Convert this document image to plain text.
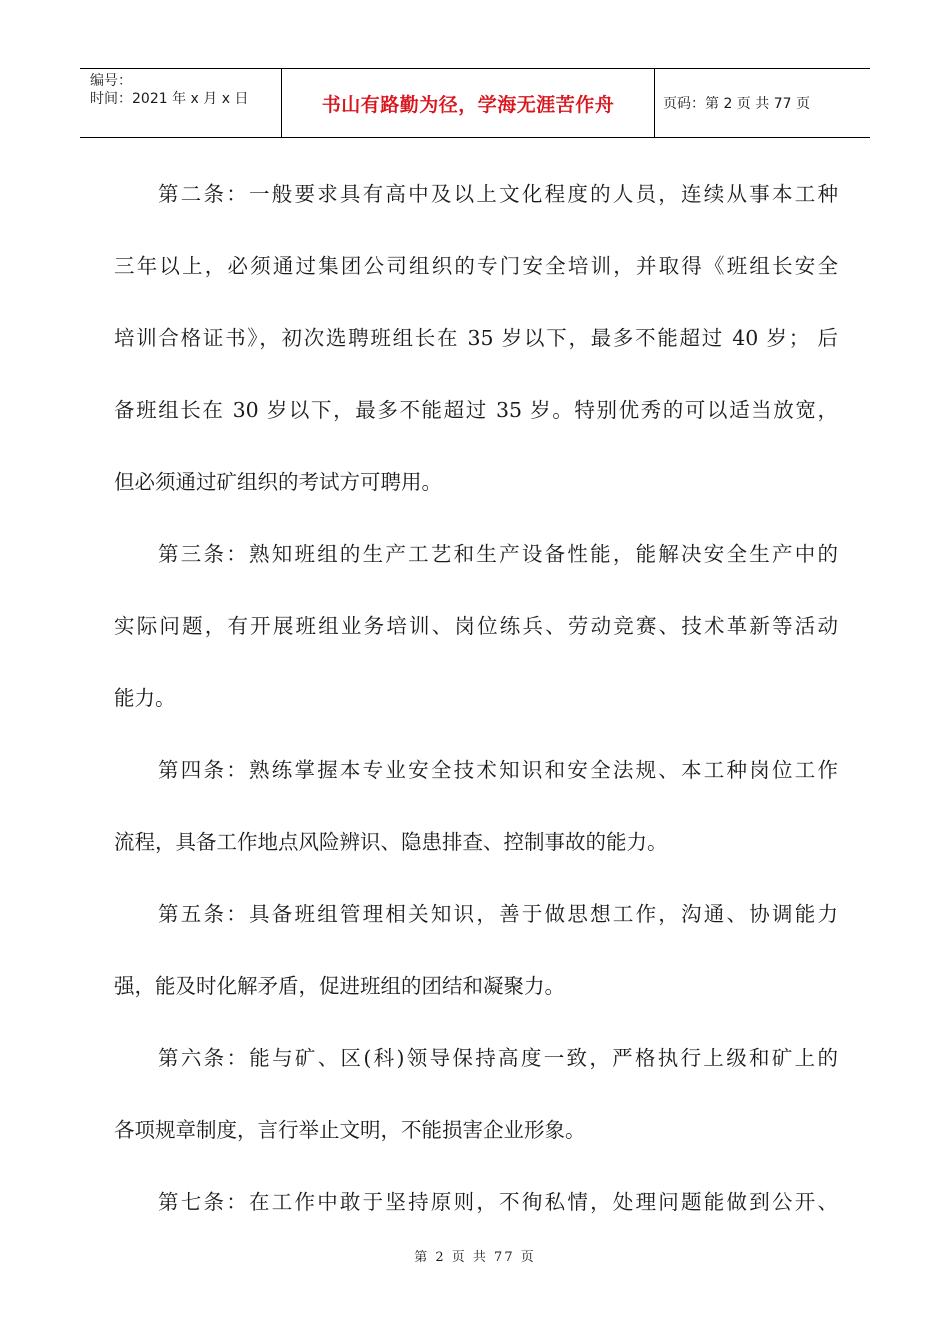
编号：
时间：2021 年 x 月 x 日	书山有路勤为径，学海无涯苦作舟	页码：第 2 页 共 77 页
第二条：一般要求具有高中及以上文化程度的人员，连续从事本工种
三年以上，必须通过集团公司组织的专门安全培训，并取得《班组长安全
培训合格证书》，初次选聘班组长在 35 岁以下，最多不能超过 40 岁； 后
备班组长在 30 岁以下，最多不能超过 35 岁。特别优秀的可以适当放宽，
但必须通过矿组织的考试方可聘用。
第三条：熟知班组的生产工艺和生产设备性能，能解决安全生产中的
实际问题，有开展班组业务培训、岗位练兵、劳动竞赛、技术革新等活动
能力。
第四条：熟练掌握本专业安全技术知识和安全法规、本工种岗位工作
流程，具备工作地点风险辨识、隐患排查、控制事故的能力。
第五条：具备班组管理相关知识，善于做思想工作，沟通、协调能力
强，能及时化解矛盾，促进班组的团结和凝聚力。
第六条：能与矿、区(科)领导保持高度一致，严格执行上级和矿上的
各项规章制度，言行举止文明，不能损害企业形象。
第七条：在工作中敢于坚持原则，不徇私情，处理问题能做到公开、
第 2 页 共 77 页
